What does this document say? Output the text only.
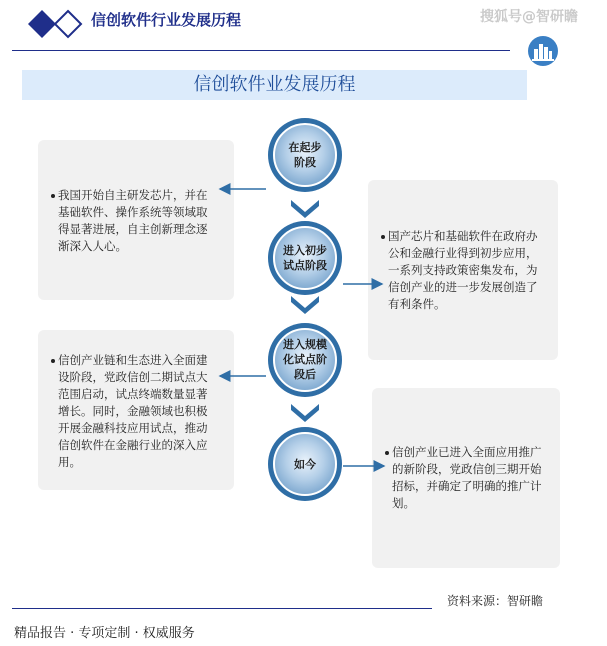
信创软件行业发展历程	搜狐号@智研瞻
信创软件业发展历程
我国开始自主研发芯片，并在
基础软件、操作系统等领域取
得显著进展，自主创新理念逐
渐深入人心。
国产芯片和基础软件在政府办
公和金融行业得到初步应用，
一系列支持政策密集发布，为
信创产业的进一步发展创造了
有利条件。
信创产业链和生态进入全面建
设阶段，党政信创二期试点大
范围启动，试点终端数量显著
增长。同时，金融领域也积极
开展金融科技应用试点，推动
信创软件在金融行业的深入应
用。
信创产业已进入全面应用推广
的新阶段，党政信创三期开始
招标，并确定了明确的推广计
划。
在起步
阶段
进入初步
试点阶段
进入规模
化试点阶
段后
如今
资料来源：智研瞻
精品报告 · 专项定制 · 权威服务
